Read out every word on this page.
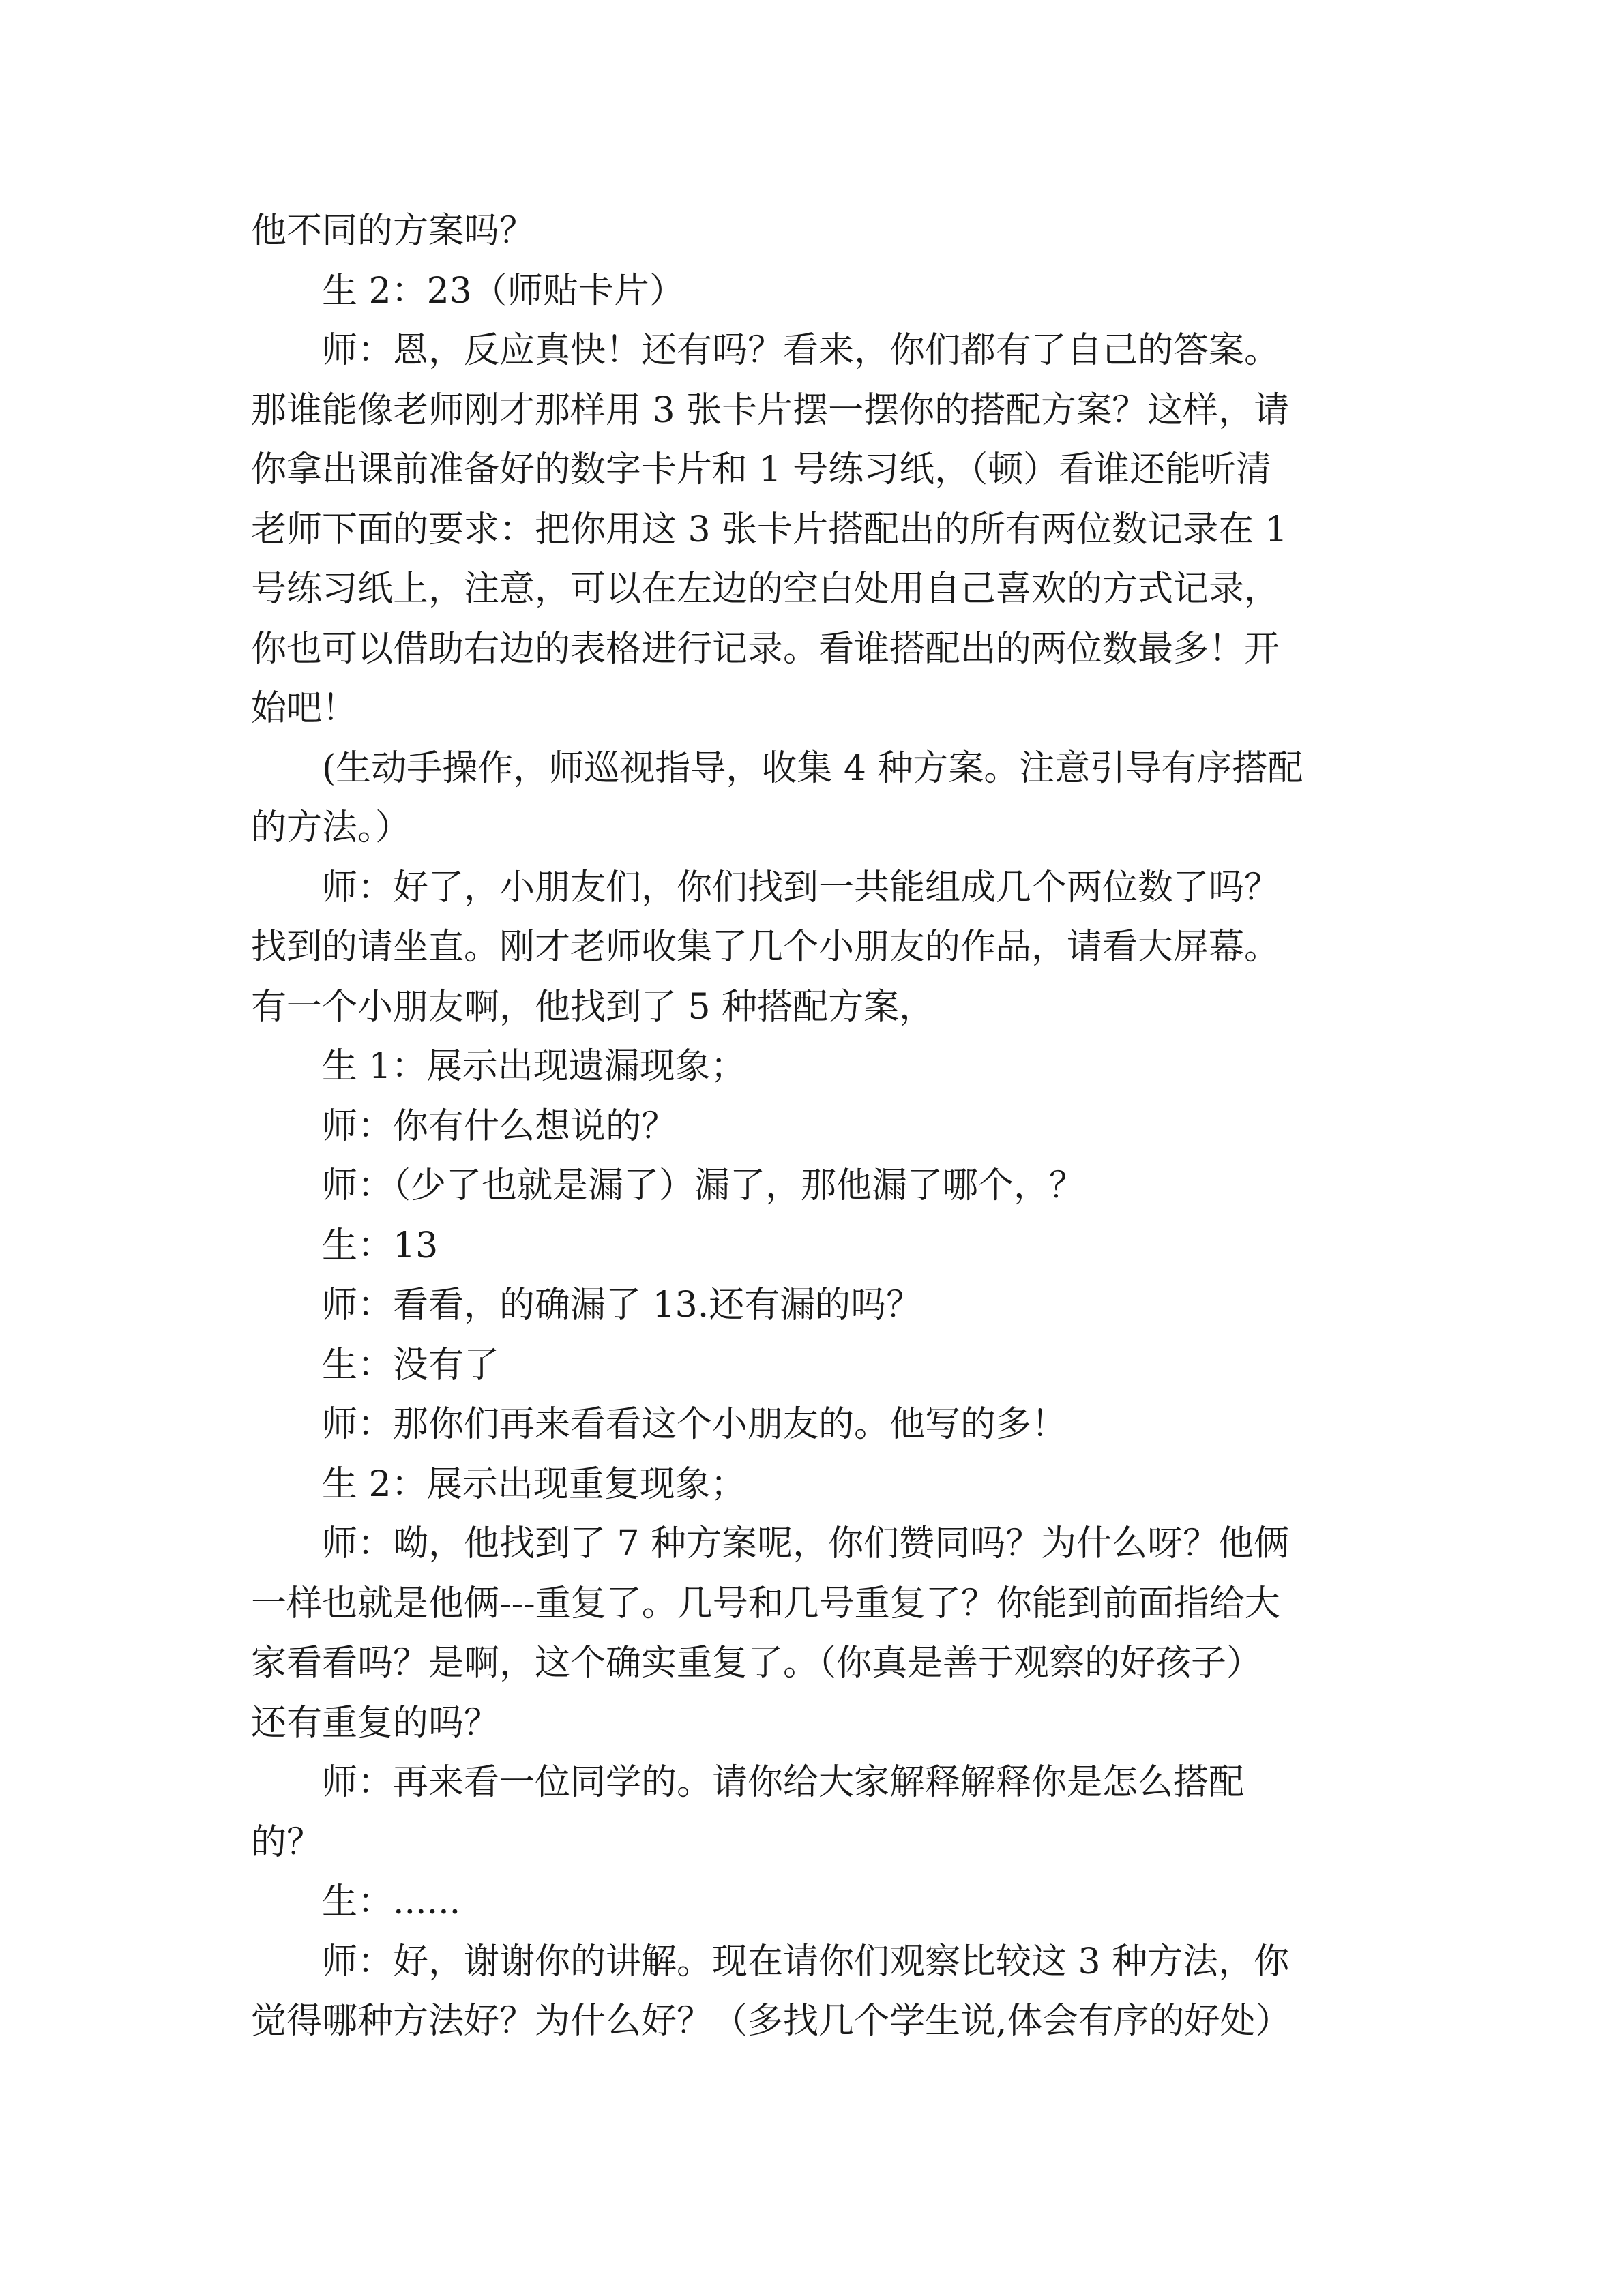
他不同的方案吗？
生 2：23（师贴卡片）
师：恩，反应真快！还有吗？看来，你们都有了自己的答案。
那谁能像老师刚才那样用 3 张卡片摆一摆你的搭配方案？这样，请
你拿出课前准备好的数字卡片和 1 号练习纸，（顿）看谁还能听清
老师下面的要求：把你用这 3 张卡片搭配出的所有两位数记录在 1
号练习纸上，注意，可以在左边的空白处用自己喜欢的方式记录，
你也可以借助右边的表格进行记录。看谁搭配出的两位数最多！开
始吧！
(生动手操作，师巡视指导，收集 4 种方案。注意引导有序搭配
的方法。）
师：好了，小朋友们，你们找到一共能组成几个两位数了吗？
找到的请坐直。刚才老师收集了几个小朋友的作品，请看大屏幕。
有一个小朋友啊，他找到了 5 种搭配方案，
生 1：展示出现遗漏现象；
师：你有什么想说的？
师：（少了也就是漏了）漏了，那他漏了哪个，？
生：13
师：看看，的确漏了 13.还有漏的吗？
生：没有了
师：那你们再来看看这个小朋友的。他写的多！
生 2：展示出现重复现象；
师：呦，他找到了 7 种方案呢，你们赞同吗？为什么呀？他俩
一样也就是他俩---重复了。几号和几号重复了？你能到前面指给大
家看看吗？是啊，这个确实重复了。（你真是善于观察的好孩子）
还有重复的吗？
师：再来看一位同学的。请你给大家解释解释你是怎么搭配
的？
生：......
师：好，谢谢你的讲解。现在请你们观察比较这 3 种方法，你
觉得哪种方法好？为什么好？（多找几个学生说,体会有序的好处）
